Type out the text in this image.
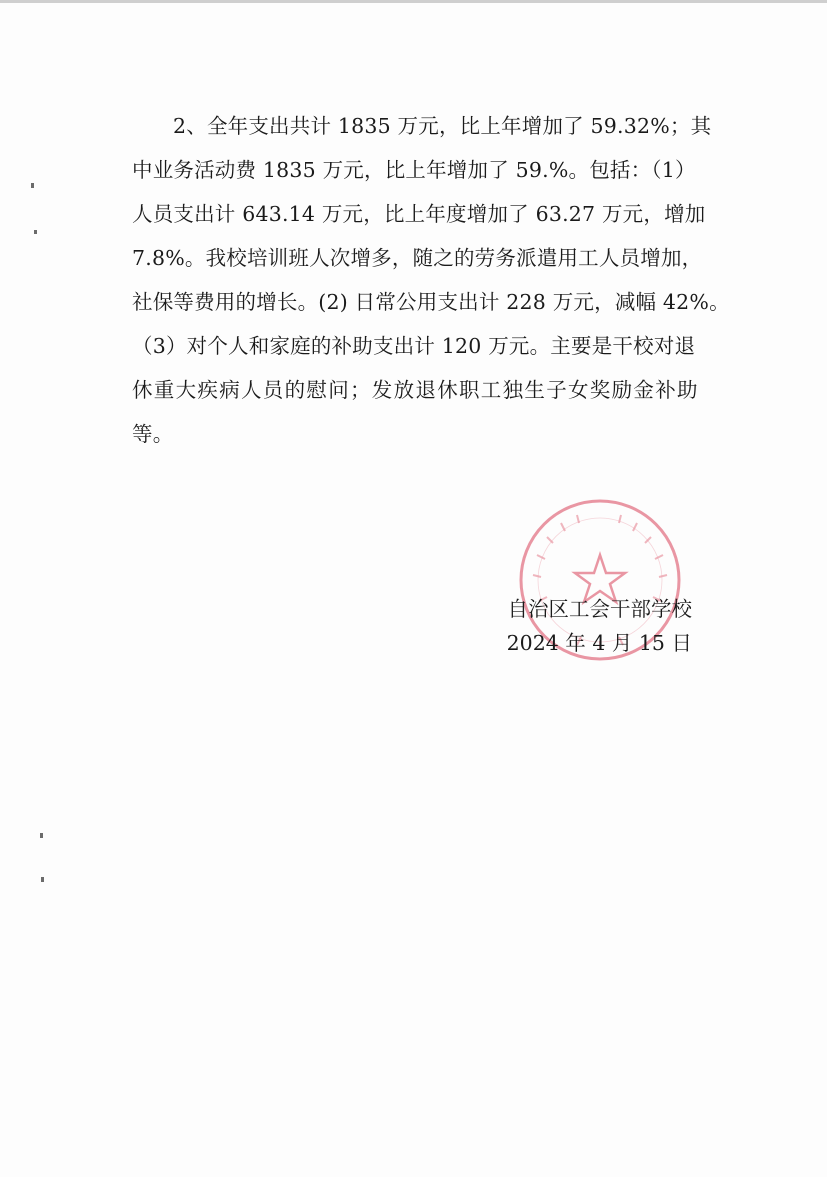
2、全年支出共计 1835 万元，比上年增加了 59.32%；其
中业务活动费 1835 万元，比上年增加了 59.%。包括：（1）
人员支出计 643.14 万元，比上年度增加了 63.27 万元，增加
7.8%。我校培训班人次增多，随之的劳务派遣用工人员增加，
社保等费用的增长。(2) 日常公用支出计 228 万元，减幅 42%。
（3）对个人和家庭的补助支出计 120 万元。主要是干校对退
休重大疾病人员的慰问；发放退休职工独生子女奖励金补助
等。
自治区工会干部学校
2024 年 4 月 15 日
